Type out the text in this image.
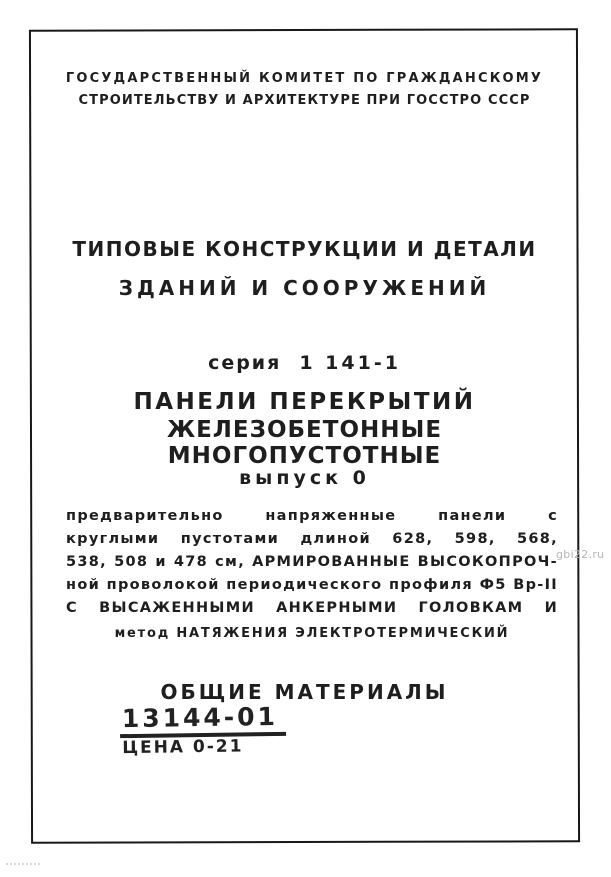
ГОСУДАРСТВЕННЫЙ КОМИТЕТ ПО ГРАЖДАНСКОМУ
СТРОИТЕЛЬСТВУ И АРХИТЕКТУРЕ ПРИ ГОССТРО СССР
ТИПОВЫЕ КОНСТРУКЦИИ И ДЕТАЛИ
ЗДАНИЙ И СООРУЖЕНИЙ
серия 1 141-1
ПАНЕЛИ ПЕРЕКРЫТИЙ
ЖЕЛЕЗОБЕТОННЫЕ МНОГОПУСТОТНЫЕ
выпуск 0
предварительно напряженные панели с
круглыми пустотами длиной 628, 598, 568,
538, 508 и 478 см, АРМИРОВАННЫЕ ВЫСОКОПРОЧ-
ной проволокой периодического профиля Ф5 Вр-II
С ВЫСАЖЕННЫМИ АНКЕРНЫМИ ГОЛОВКАМ И
метод НАТЯЖЕНИЯ ЭЛЕКТРОТЕРМИЧЕСКИЙ
ОБЩИЕ МАТЕРИАЛЫ
13144-01
ЦЕНА 0-21
gbi22.ru
